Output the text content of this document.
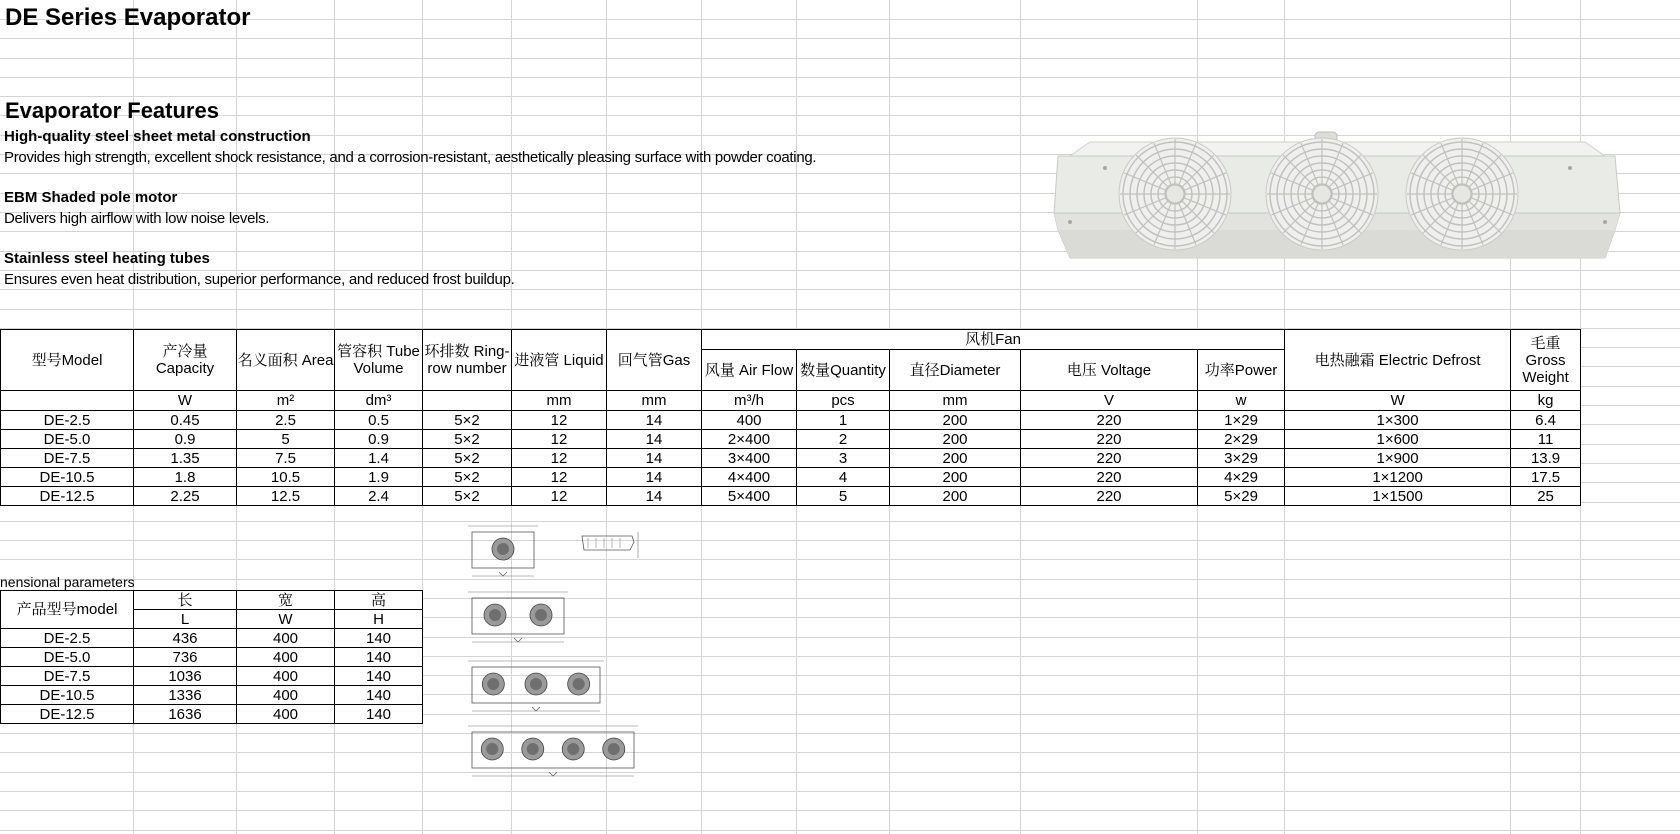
DE Series Evaporator
Evaporator Features
High-quality steel sheet metal construction
Provides high strength, excellent shock resistance, and a corrosion-resistant, aesthetically pleasing surface with powder coating.
EBM Shaded pole motor
Delivers high airflow with low noise levels.
Stainless steel heating tubes
Ensures even heat distribution, superior performance, and reduced frost buildup.
nensional parameters
型号Model	产冷量 Capacity	名义面积 Area	管容积 Tube Volume	环排数 Ring-row number	进液管 Liquid	回气管Gas	风机Fan					电热融霜 Electric Defrost	毛重 Gross Weight
							风量 Air Flow	数量Quantity	直径Diameter	电压 Voltage	功率Power		
	W	m²	dm³		mm	mm	m³/h	pcs	mm	V	w	W	kg
DE-2.5	0.45	2.5	0.5	5×2	12	14	400	1	200	220	1×29	1×300	6.4
DE-5.0	0.9	5	0.9	5×2	12	14	2×400	2	200	220	2×29	1×600	11
DE-7.5	1.35	7.5	1.4	5×2	12	14	3×400	3	200	220	3×29	1×900	13.9
DE-10.5	1.8	10.5	1.9	5×2	12	14	4×400	4	200	220	4×29	1×1200	17.5
DE-12.5	2.25	12.5	2.4	5×2	12	14	5×400	5	200	220	5×29	1×1500	25
产品型号model	长	宽	高
	L	W	H
DE-2.5	436	400	140
DE-5.0	736	400	140
DE-7.5	1036	400	140
DE-10.5	1336	400	140
DE-12.5	1636	400	140
